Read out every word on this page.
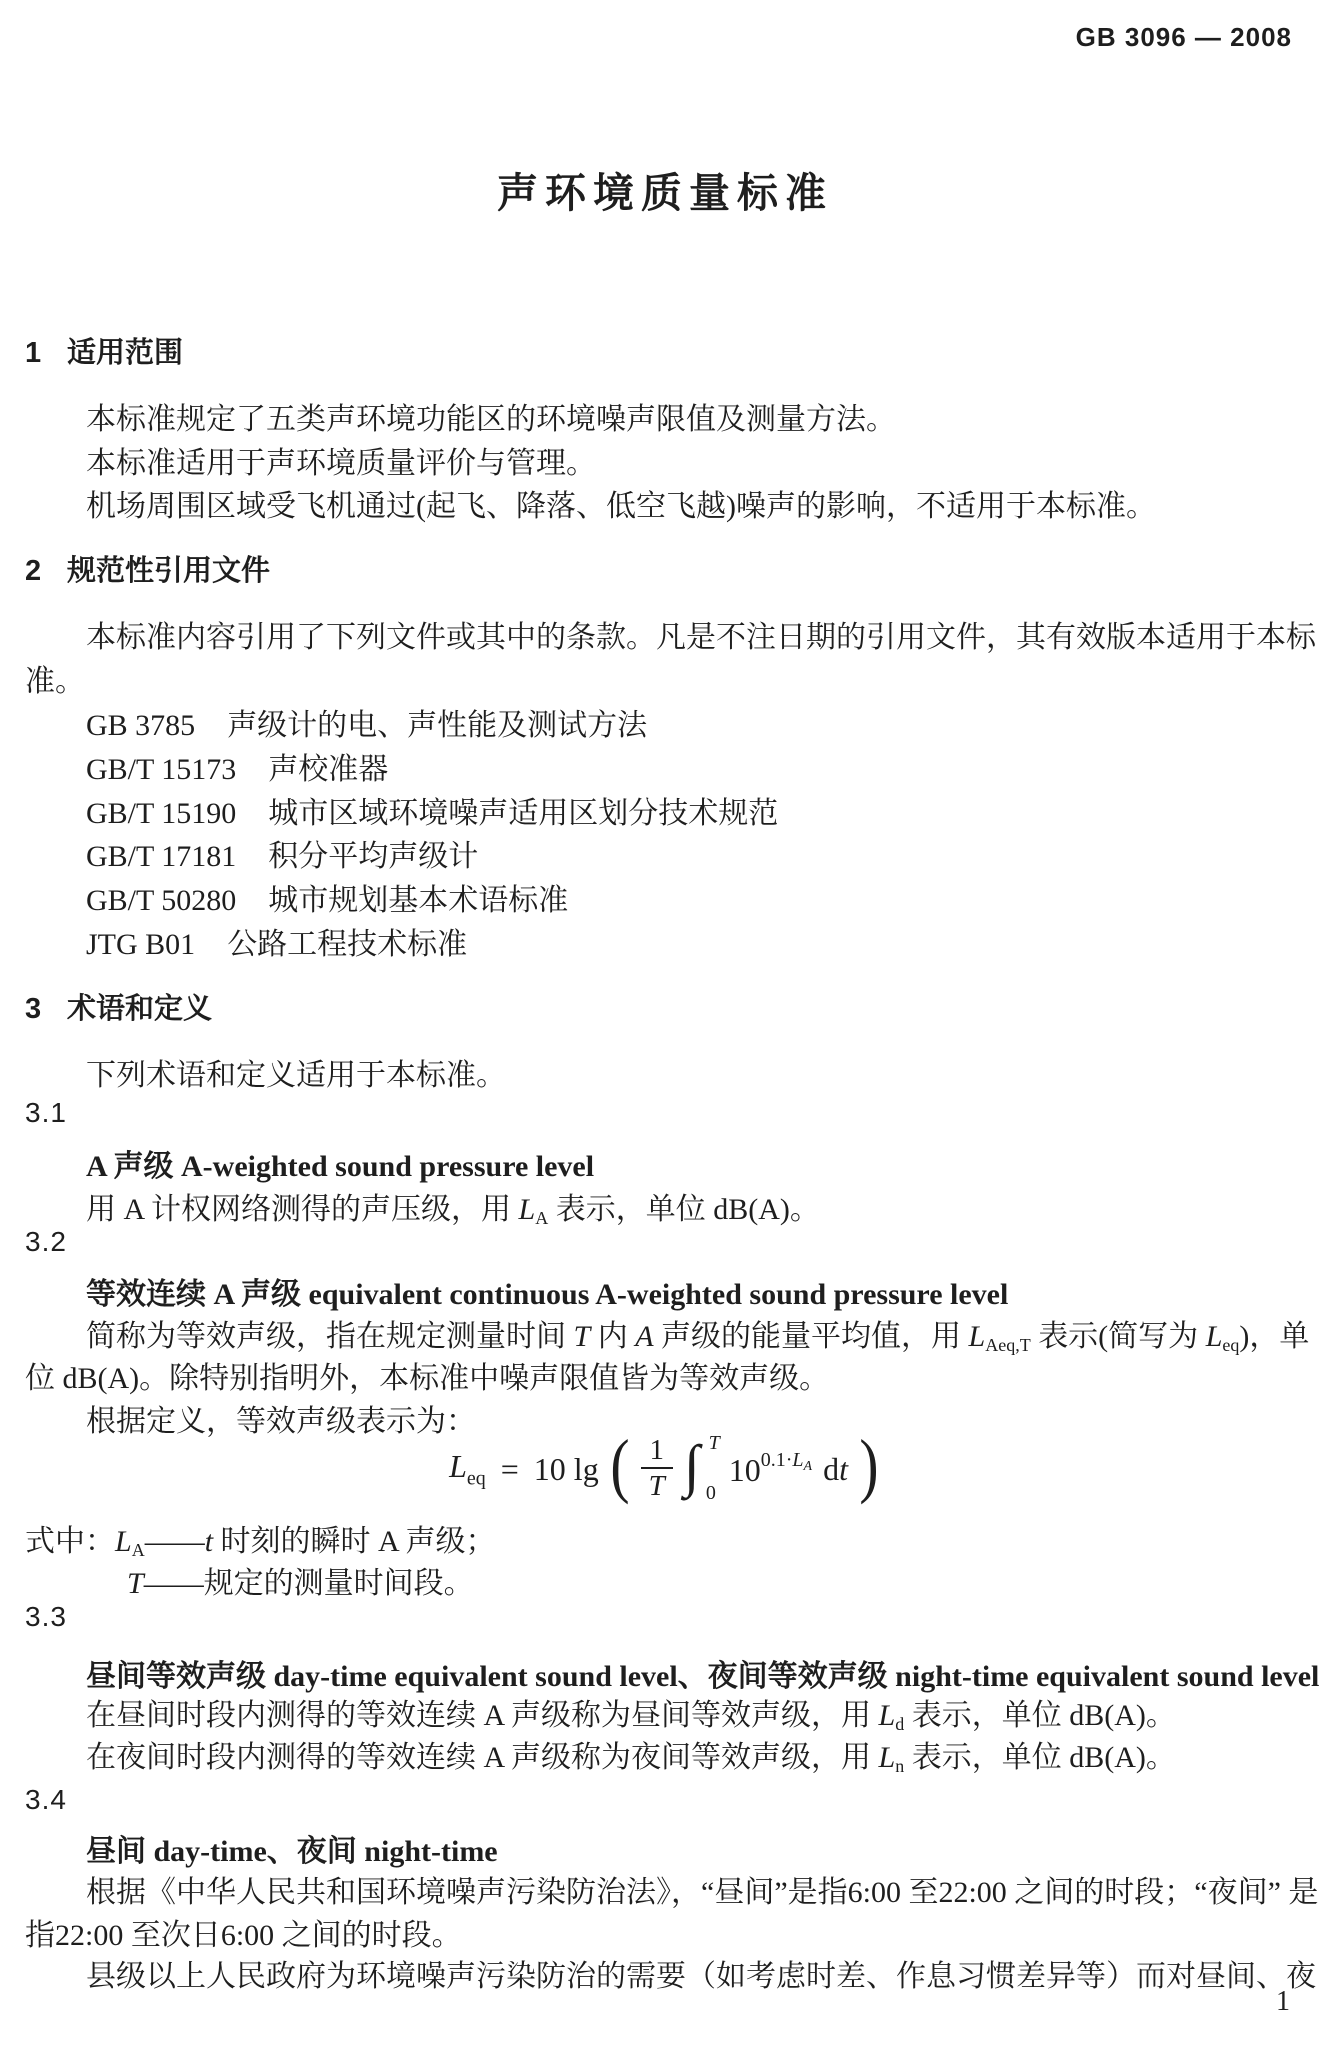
GB 3096 — 2008
声环境质量标准
1 适用范围
本标准规定了五类声环境功能区的环境噪声限值及测量方法。
本标准适用于声环境质量评价与管理。
机场周围区域受飞机通过(起飞、降落、低空飞越)噪声的影响，不适用于本标准。
2 规范性引用文件
本标准内容引用了下列文件或其中的条款。凡是不注日期的引用文件，其有效版本适用于本标
准。
GB 3785 声级计的电、声性能及测试方法
GB/T 15173 声校准器
GB/T 15190 城市区域环境噪声适用区划分技术规范
GB/T 17181 积分平均声级计
GB/T 50280 城市规划基本术语标准
JTG B01 公路工程技术标准
3 术语和定义
下列术语和定义适用于本标准。
3.1
A 声级 A-weighted sound pressure level
用 A 计权网络测得的声压级，用 LA 表示，单位 dB(A)。
3.2
等效连续 A 声级 equivalent continuous A-weighted sound pressure level
简称为等效声级，指在规定测量时间 T 内 A 声级的能量平均值，用 LAeq,T 表示(简写为 Leq)，单
位 dB(A)。除特别指明外，本标准中噪声限值皆为等效声级。
根据定义，等效声级表示为：
$L_{eq} = 10$ lg ( $\frac{1}{T}$ ∫ T
0
$10^{0.1\cdot L_A}$ dt )
式中：LA——t 时刻的瞬时 A 声级；
T——规定的测量时间段。
3.3
昼间等效声级 day-time equivalent sound level、夜间等效声级 night-time equivalent sound level
在昼间时段内测得的等效连续 A 声级称为昼间等效声级，用 Ld 表示，单位 dB(A)。
在夜间时段内测得的等效连续 A 声级称为夜间等效声级，用 Ln 表示，单位 dB(A)。
3.4
昼间 day-time、夜间 night-time
根据《中华人民共和国环境噪声污染防治法》，“昼间”是指6:00 至22:00 之间的时段；“夜间” 是
指22:00 至次日6:00 之间的时段。
县级以上人民政府为环境噪声污染防治的需要（如考虑时差、作息习惯差异等）而对昼间、夜
1
